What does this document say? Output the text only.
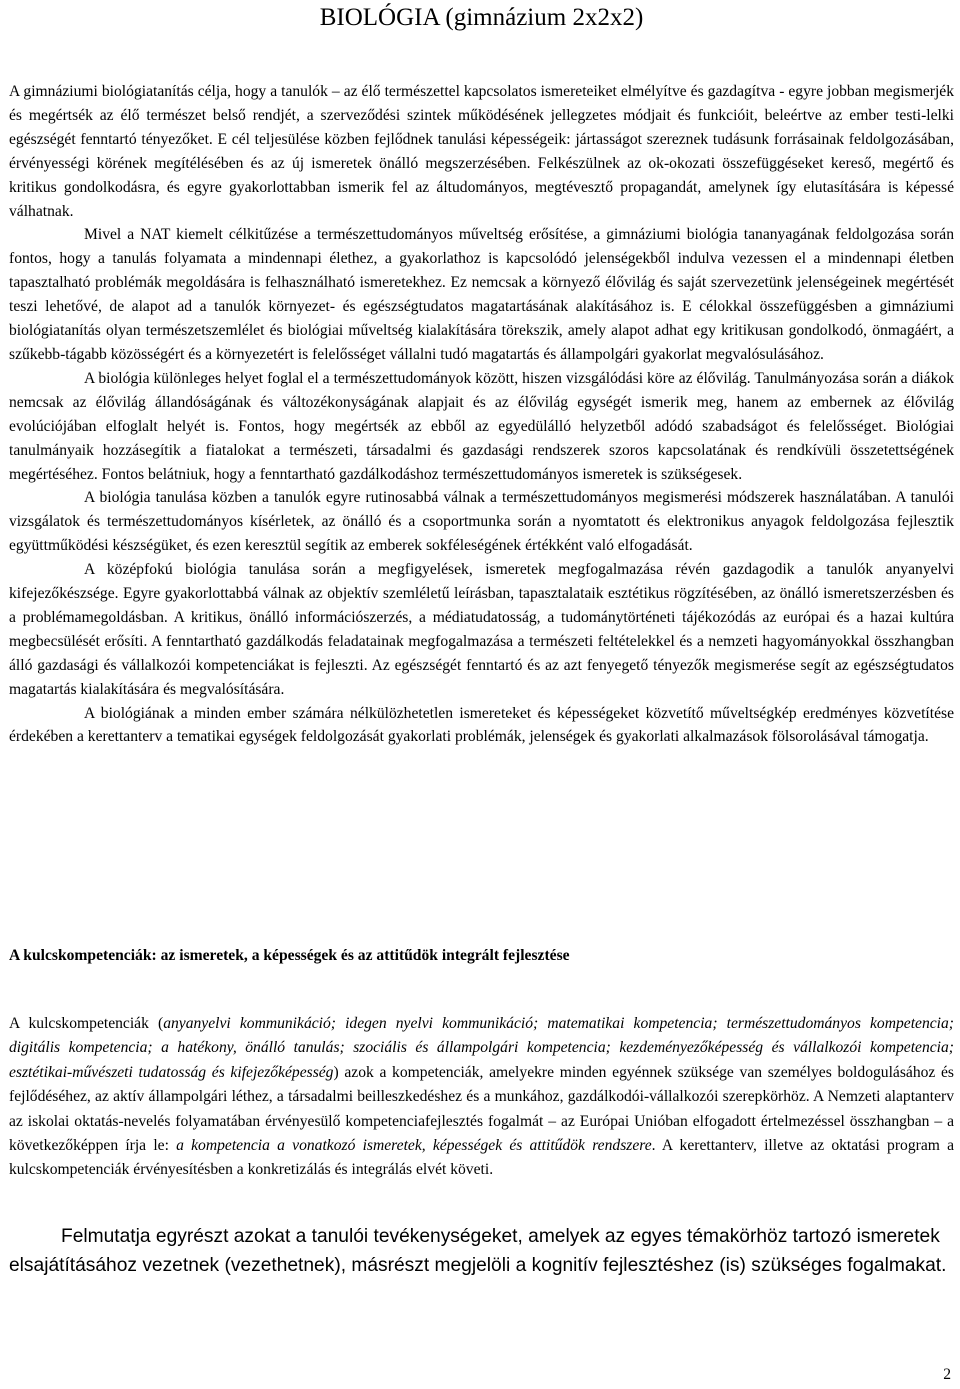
BIOLÓGIA (gimnázium 2x2x2)

A gimnáziumi biológiatanítás célja, hogy a tanulók – az élő természettel kapcsolatos ismereteiket elmélyítve és gazdagítva - egyre jobban megismerjék és megértsék az élő természet belső rendjét, a szerveződési szintek működésének jellegzetes módjait és funkcióit, beleértve az ember testi-lelki egészségét fenntartó tényezőket. E cél teljesülése közben fejlődnek tanulási képességeik: jártasságot szereznek tudásunk forrásainak feldolgozásában, érvényességi körének megítélésében és az új ismeretek önálló megszerzésében. Felkészülnek az ok-okozati összefüggéseket kereső, megértő és kritikus gondolkodásra, és egyre gyakorlottabban ismerik fel az áltudományos, megtévesztő propagandát, amelynek így elutasítására is képessé válhatnak.

Mivel a NAT kiemelt célkitűzése a természettudományos műveltség erősítése, a gimnáziumi biológia tananyagának feldolgozása során fontos, hogy a tanulás folyamata a mindennapi élethez, a gyakorlathoz is kapcsolódó jelenségekből indulva vezessen el a mindennapi életben tapasztalható problémák megoldására is felhasználható ismeretekhez. Ez nemcsak a környező élővilág és saját szervezetünk jelenségeinek megértését teszi lehetővé, de alapot ad a tanulók környezet- és egészségtudatos magatartásának alakításához is. E célokkal összefüggésben a gimnáziumi biológiatanítás olyan természetszemlélet és biológiai műveltség kialakítására törekszik, amely alapot adhat egy kritikusan gondolkodó, önmagáért, a szűkebb-tágabb közösségért és a környezetért is felelősséget vállalni tudó magatartás és állampolgári gyakorlat megvalósulásához.

A biológia különleges helyet foglal el a természettudományok között, hiszen vizsgálódási köre az élővilág. Tanulmányozása során a diákok nemcsak az élővilág állandóságának és változékonyságának alapjait és az élővilág egységét ismerik meg, hanem az embernek az élővilág evolúciójában elfoglalt helyét is. Fontos, hogy megértsék az ebből az egyedülálló helyzetből adódó szabadságot és felelősséget. Biológiai tanulmányaik hozzásegítik a fiatalokat a természeti, társadalmi és gazdasági rendszerek szoros kapcsolatának és rendkívüli összetettségének megértéséhez. Fontos belátniuk, hogy a fenntartható gazdálkodáshoz természettudományos ismeretek is szükségesek.

A biológia tanulása közben a tanulók egyre rutinosabbá válnak a természettudományos megismerési módszerek használatában. A tanulói vizsgálatok és természettudományos kísérletek, az önálló és a csoportmunka során a nyomtatott és elektronikus anyagok feldolgozása fejlesztik együttműködési készségüket, és ezen keresztül segítik az emberek sokféleségének értékként való elfogadását.

A középfokú biológia tanulása során a megfigyelések, ismeretek megfogalmazása révén gazdagodik a tanulók anyanyelvi kifejezőkészsége. Egyre gyakorlottabbá válnak az objektív szemléletű leírásban, tapasztalataik esztétikus rögzítésében, az önálló ismeretszerzésben és a problémamegoldásban. A kritikus, önálló információszerzés, a médiatudatosság, a tudománytörténeti tájékozódás az európai és a hazai kultúra megbecsülését erősíti. A fenntartható gazdálkodás feladatainak megfogalmazása a természeti feltételekkel és a nemzeti hagyományokkal összhangban álló gazdasági és vállalkozói kompetenciákat is fejleszti. Az egészségét fenntartó és az azt fenyegető tényezők megismerése segít az egészségtudatos magatartás kialakítására és megvalósítására.

A biológiának a minden ember számára nélkülözhetetlen ismereteket és képességeket közvetítő műveltségkép eredményes közvetítése érdekében a kerettanterv a tematikai egységek feldolgozását gyakorlati problémák, jelenségek és gyakorlati alkalmazások fölsorolásával támogatja.

A kulcskompetenciák: az ismeretek, a képességek és az attitűdök integrált fejlesztése

A kulcskompetenciák (anyanyelvi kommunikáció; idegen nyelvi kommunikáció; matematikai kompetencia; természettudományos kompetencia; digitális kompetencia; a hatékony, önálló tanulás; szociális és állampolgári kompetencia; kezdeményezőképesség és vállalkozói kompetencia; esztétikai-művészeti tudatosság és kifejezőképesség) azok a kompetenciák, amelyekre minden egyénnek szüksége van személyes boldogulásához és fejlődéséhez, az aktív állampolgári léthez, a társadalmi beilleszkedéshez és a munkához, gazdálkodói-vállalkozói szerepkörhöz. A Nemzeti alaptanterv az iskolai oktatás-nevelés folyamatában érvényesülő kompetenciafejlesztés fogalmát – az Európai Unióban elfogadott értelmezéssel összhangban – a következőképpen írja le: a kompetencia a vonatkozó ismeretek, képességek és attitűdök rendszere. A kerettanterv, illetve az oktatási program a kulcskompetenciák érvényesítésben a konkretizálás és integrálás elvét követi.

Felmutatja egyrészt azokat a tanulói tevékenységeket, amelyek az egyes témakörhöz tartozó ismeretek elsajátításához vezetnek (vezethetnek), másrészt megjelöli a kognitív fejlesztéshez (is) szükséges fogalmakat.

2
